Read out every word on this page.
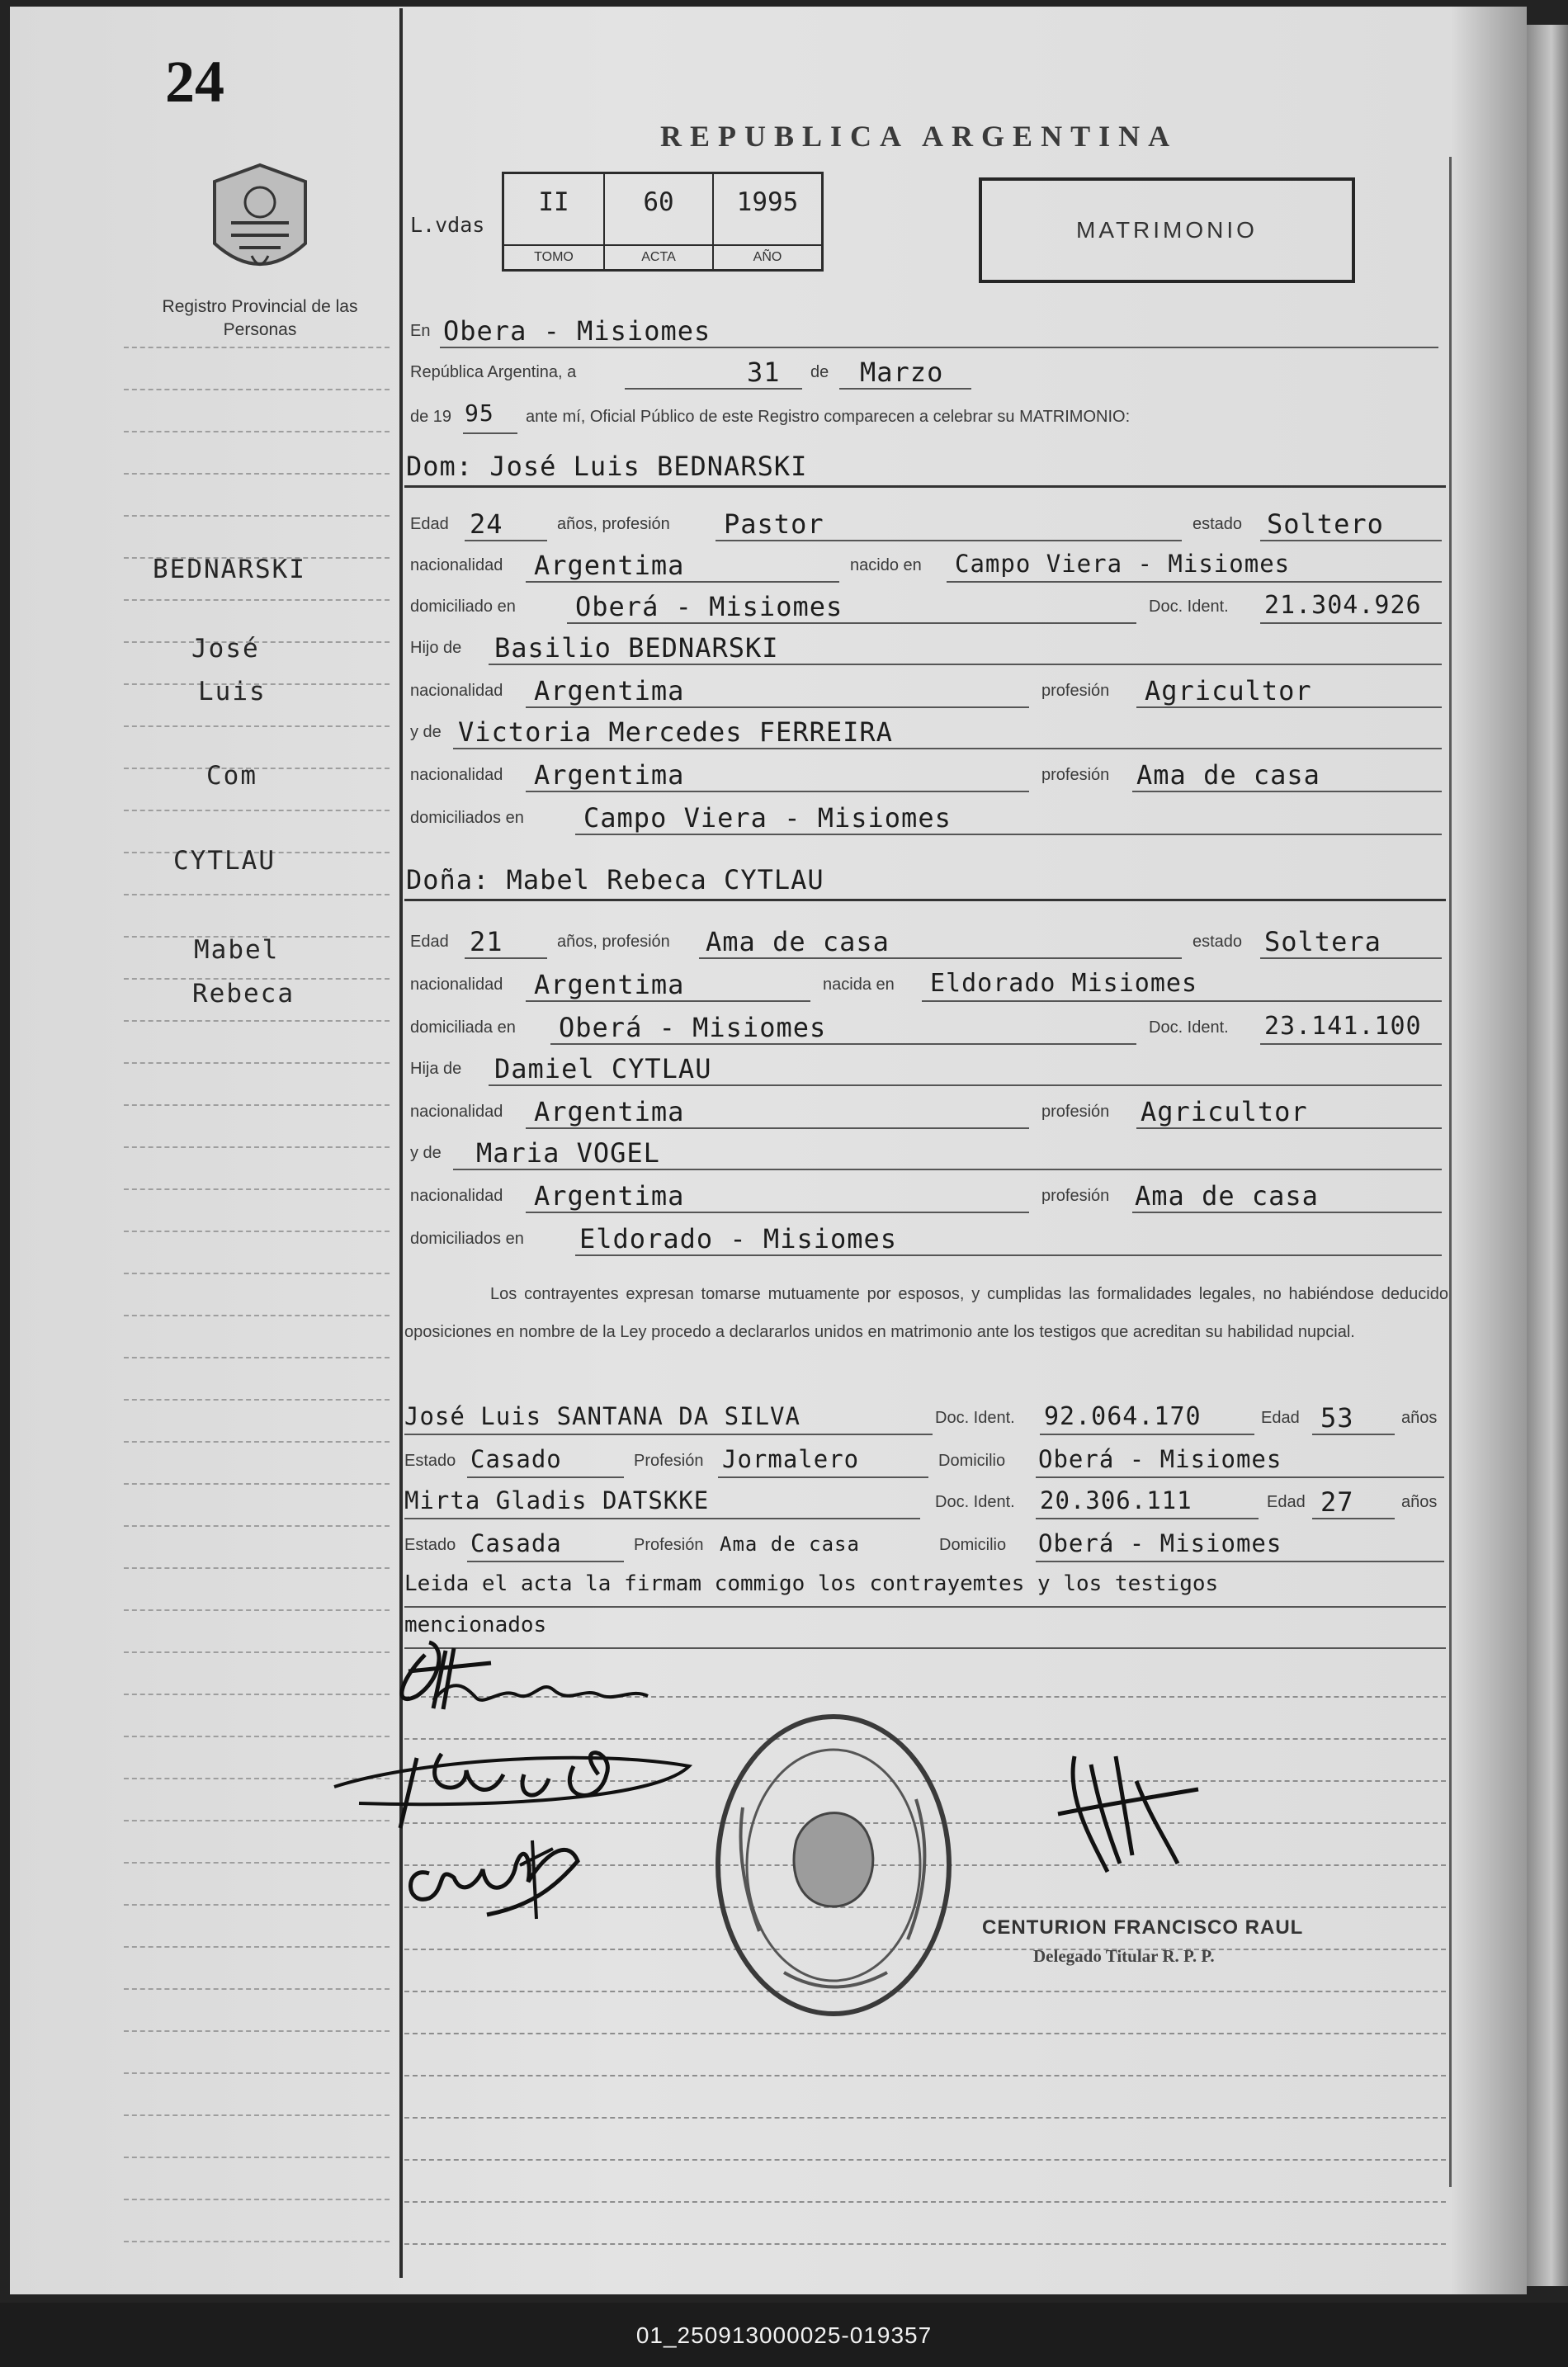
01_250913000025-019357
24
Registro Provincial de las Personas
REPUBLICA ARGENTINA
L.vdas
II
TOMO
60
ACTA
1995
AÑO
MATRIMONIO
BEDNARSKI
José
Luis
Com
CYTLAU
Mabel
Rebeca
En Obera - Misiomes
República Argentina, a	31 de Marzo
de 19 95 ante mí, Oficial Público de este Registro comparecen a celebrar su MATRIMONIO:
Dom: José Luis BEDNARSKI
Edad 24	años, profesión Pastor	estado Soltero
nacionalidad Argentima	nacido en Campo Viera - Misiomes
domiciliado en Oberá - Misiomes	Doc. Ident. 21.304.926
Hijo de Basilio BEDNARSKI
nacionalidad Argentima	profesión Agricultor
y de Victoria Mercedes FERREIRA
nacionalidad Argentima	profesión Ama de casa
domiciliados en Campo Viera - Misiomes
Doña: Mabel Rebeca CYTLAU
Edad 21	años, profesión Ama de casa	estado Soltera
nacionalidad Argentima	nacida en Eldorado Misiomes
domiciliada en Oberá - Misiomes	Doc. Ident. 23.141.100
Hija de Damiel CYTLAU
nacionalidad Argentima	profesión Agricultor
y de Maria VOGEL
nacionalidad Argentima	profesión Ama de casa
domiciliados en Eldorado - Misiomes
Los contrayentes expresan tomarse mutuamente por esposos, y cumplidas las formalidades legales, no habiéndose deducido oposiciones en nombre de la Ley procedo a declararlos unidos en matrimonio ante los testigos que acreditan su habilidad nupcial.
José Luis SANTANA DA SILVA	Doc. Ident. 92.064.170	Edad 53	años
Estado Casado	Profesión Jormalero	Domicilio Oberá - Misiomes
Mirta Gladis DATSKKE	Doc. Ident. 20.306.111	Edad 27	años
Estado Casada	Profesión Ama de casa	Domicilio Oberá - Misiomes
Leida el acta la firmam commigo los contrayemtes y los testigos
mencionados
CENTURION FRANCISCO RAUL
Delegado Titular R. P. P.
